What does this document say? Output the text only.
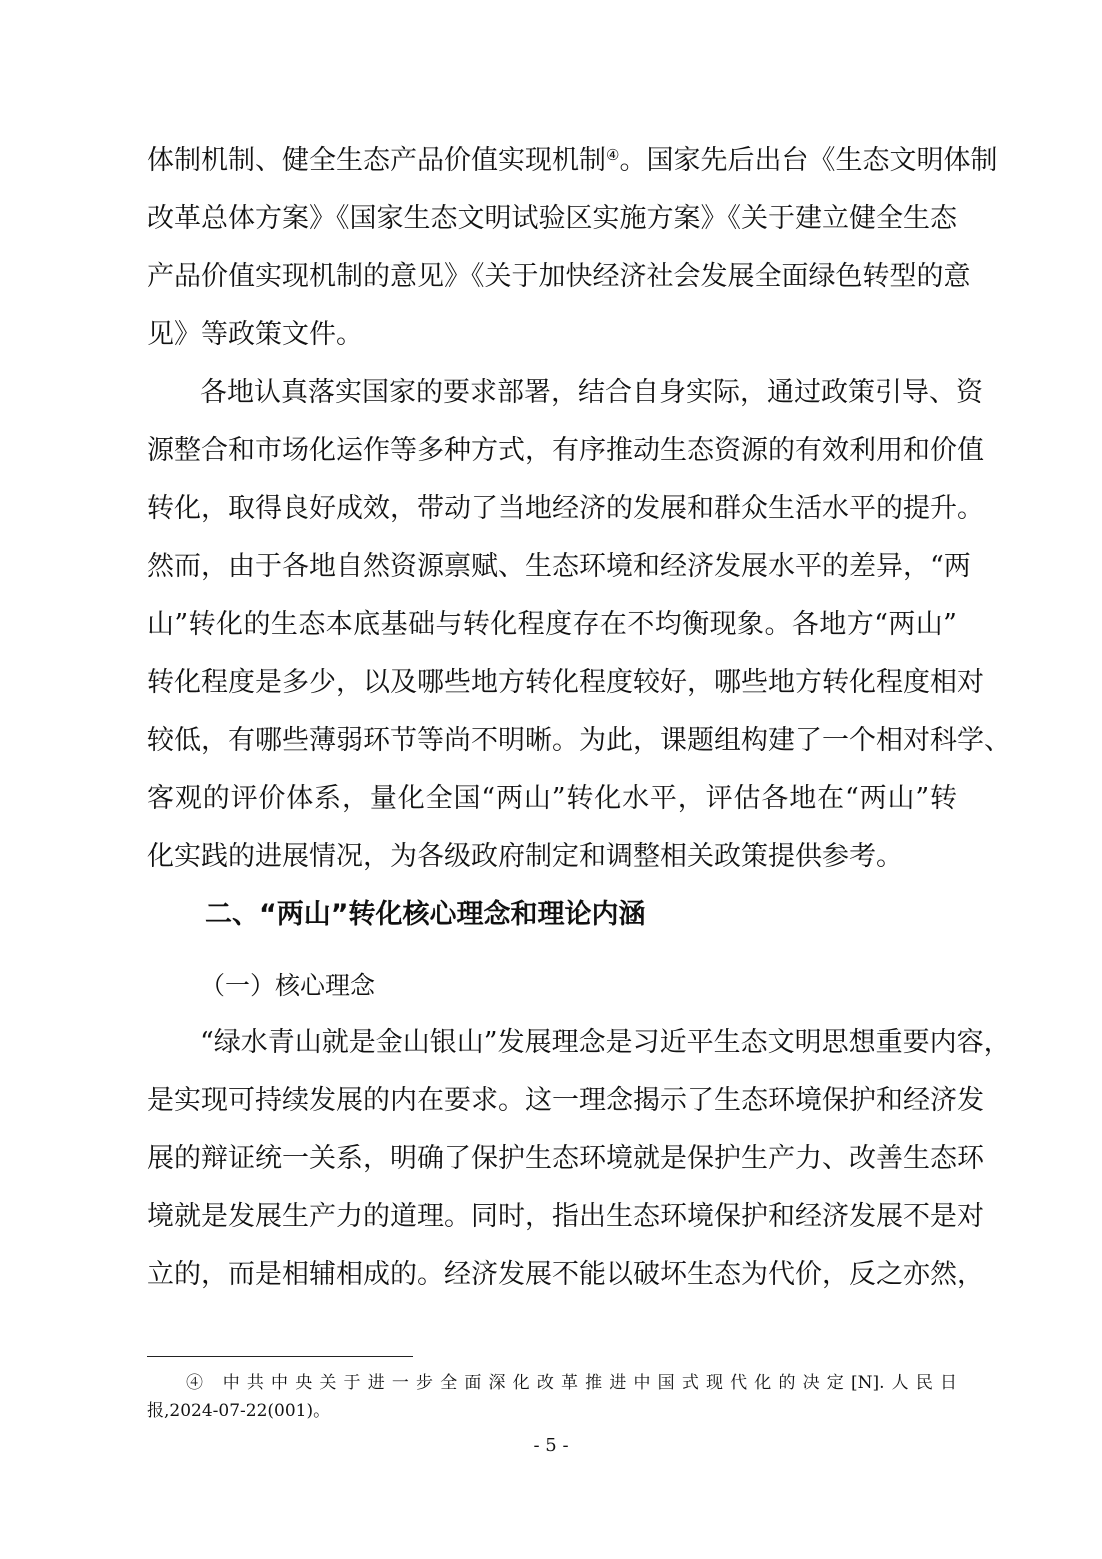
体制机制、健全生态产品价值实现机制④。国家先后出台《生态文明体制
改革总体方案》《国家生态文明试验区实施方案》《关于建立健全生态
产品价值实现机制的意见》《关于加快经济社会发展全面绿色转型的意
见》等政策文件。
各地认真落实国家的要求部署，结合自身实际，通过政策引导、资
源整合和市场化运作等多种方式，有序推动生态资源的有效利用和价值
转化，取得良好成效，带动了当地经济的发展和群众生活水平的提升。
然而，由于各地自然资源禀赋、生态环境和经济发展水平的差异，“两
山”转化的生态本底基础与转化程度存在不均衡现象。各地方“两山”
转化程度是多少，以及哪些地方转化程度较好，哪些地方转化程度相对
较低，有哪些薄弱环节等尚不明晰。为此，课题组构建了一个相对科学、
客观的评价体系，量化全国“两山”转化水平，评估各地在“两山”转
化实践的进展情况，为各级政府制定和调整相关政策提供参考。
二、“两山”转化核心理念和理论内涵
（一）核心理念
“绿水青山就是金山银山”发展理念是习近平生态文明思想重要内容，
是实现可持续发展的内在要求。这一理念揭示了生态环境保护和经济发
展的辩证统一关系，明确了保护生态环境就是保护生产力、改善生态环
境就是发展生产力的道理。同时，指出生态环境保护和经济发展不是对
立的，而是相辅相成的。经济发展不能以破坏生态为代价，反之亦然，
④ 中共中央关于进一步全面深化改革推进中国式现代化的决定[N].人民日
报,2024-07-22(001)。
- 5 -
